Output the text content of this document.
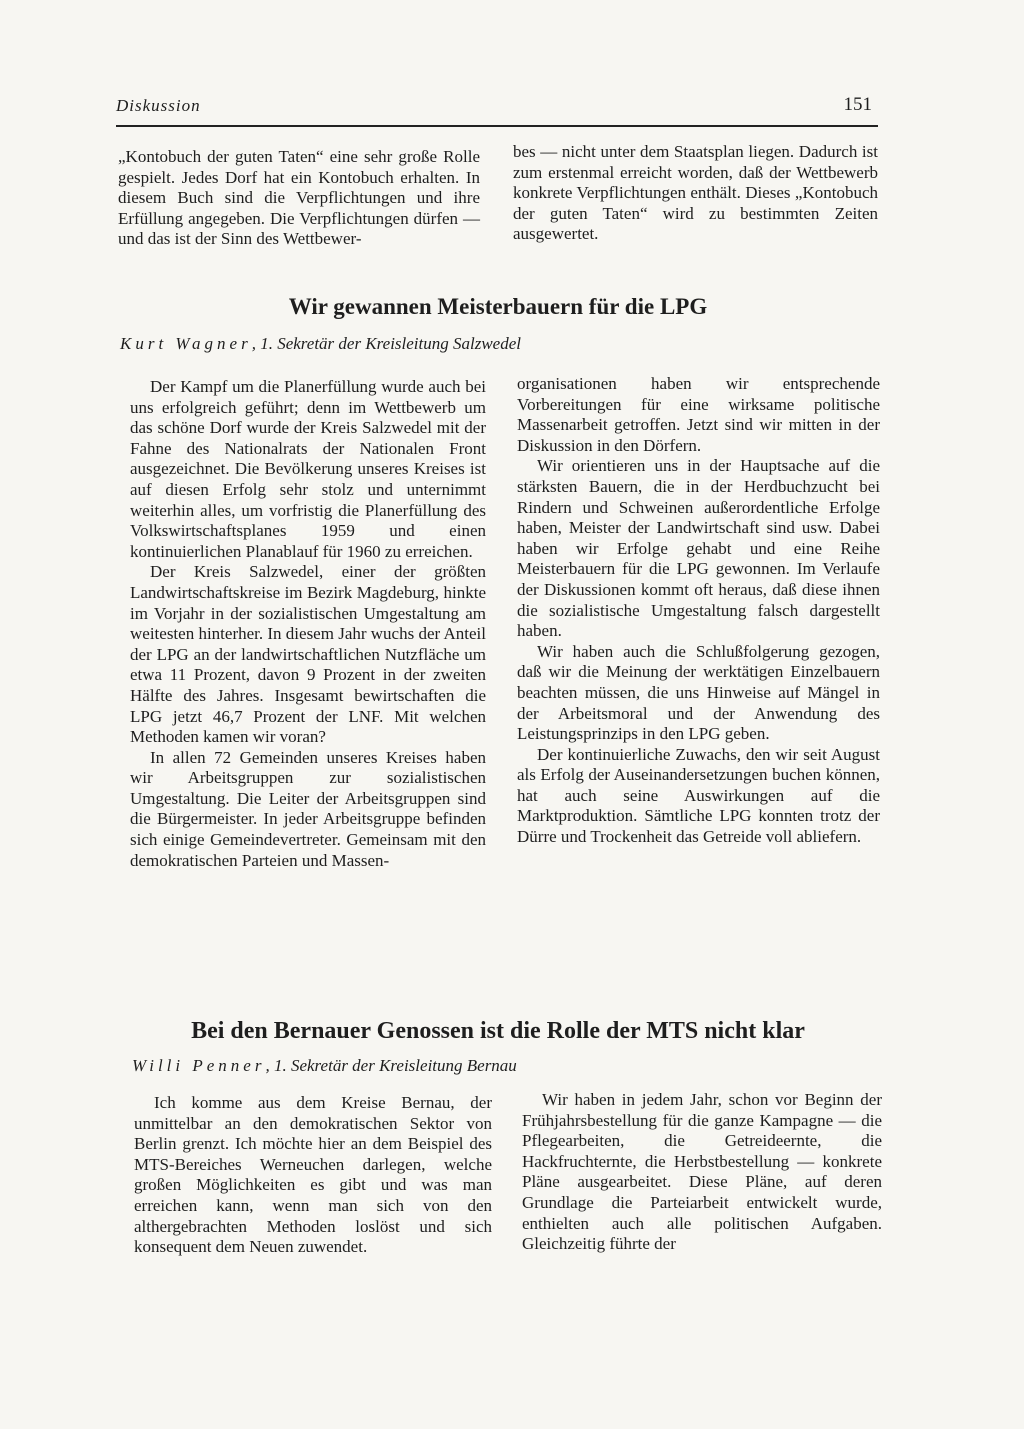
Diskussion	151

„Kontobuch der guten Taten“ eine sehr große Rolle gespielt. Jedes Dorf hat ein Kontobuch erhalten. In diesem Buch sind die Verpflichtungen und ihre Erfüllung angegeben. Die Verpflichtungen dürfen — und das ist der Sinn des Wettbewer-

bes — nicht unter dem Staatsplan liegen. Dadurch ist zum erstenmal erreicht worden, daß der Wettbewerb konkrete Verpflichtungen enthält. Dieses „Kontobuch der guten Taten“ wird zu bestimmten Zeiten ausgewertet.

Wir gewannen Meisterbauern für die LPG
Kurt Wagner, 1. Sekretär der Kreisleitung Salzwedel

Der Kampf um die Planerfüllung wurde auch bei uns erfolgreich geführt; denn im Wettbewerb um das schöne Dorf wurde der Kreis Salzwedel mit der Fahne des Nationalrats der Nationalen Front ausgezeichnet. Die Bevölkerung unseres Kreises ist auf diesen Erfolg sehr stolz und unternimmt weiterhin alles, um vorfristig die Planerfüllung des Volkswirtschaftsplanes 1959 und einen kontinuierlichen Planablauf für 1960 zu erreichen.

Der Kreis Salzwedel, einer der größten Landwirtschaftskreise im Bezirk Magdeburg, hinkte im Vorjahr in der sozialistischen Umgestaltung am weitesten hinterher. In diesem Jahr wuchs der Anteil der LPG an der landwirtschaftlichen Nutzfläche um etwa 11 Prozent, davon 9 Prozent in der zweiten Hälfte des Jahres. Insgesamt bewirtschaften die LPG jetzt 46,7 Prozent der LNF. Mit welchen Methoden kamen wir voran?

In allen 72 Gemeinden unseres Kreises haben wir Arbeitsgruppen zur sozialistischen Umgestaltung. Die Leiter der Arbeitsgruppen sind die Bürgermeister. In jeder Arbeitsgruppe befinden sich einige Gemeindevertreter. Gemeinsam mit den demokratischen Parteien und Massen-

organisationen haben wir entsprechende Vorbereitungen für eine wirksame politische Massenarbeit getroffen. Jetzt sind wir mitten in der Diskussion in den Dörfern.

Wir orientieren uns in der Hauptsache auf die stärksten Bauern, die in der Herdbuchzucht bei Rindern und Schweinen außerordentliche Erfolge haben, Meister der Landwirtschaft sind usw. Dabei haben wir Erfolge gehabt und eine Reihe Meisterbauern für die LPG gewonnen. Im Verlaufe der Diskussionen kommt oft heraus, daß diese ihnen die sozialistische Umgestaltung falsch dargestellt haben.

Wir haben auch die Schlußfolgerung gezogen, daß wir die Meinung der werktätigen Einzelbauern beachten müssen, die uns Hinweise auf Mängel in der Arbeitsmoral und der Anwendung des Leistungsprinzips in den LPG geben.

Der kontinuierliche Zuwachs, den wir seit August als Erfolg der Auseinandersetzungen buchen können, hat auch seine Auswirkungen auf die Marktproduktion. Sämtliche LPG konnten trotz der Dürre und Trockenheit das Getreide voll abliefern.

Bei den Bernauer Genossen ist die Rolle der MTS nicht klar
Willi Penner, 1. Sekretär der Kreisleitung Bernau

Ich komme aus dem Kreise Bernau, der unmittelbar an den demokratischen Sektor von Berlin grenzt. Ich möchte hier an dem Beispiel des MTS-Bereiches Werneuchen darlegen, welche großen Möglichkeiten es gibt und was man erreichen kann, wenn man sich von den althergebrachten Methoden loslöst und sich konsequent dem Neuen zuwendet.

Wir haben in jedem Jahr, schon vor Beginn der Frühjahrsbestellung für die ganze Kampagne — die Pflegearbeiten, die Getreideernte, die Hackfruchternte, die Herbstbestellung — konkrete Pläne ausgearbeitet. Diese Pläne, auf deren Grundlage die Parteiarbeit entwickelt wurde, enthielten auch alle politischen Aufgaben. Gleichzeitig führte der
